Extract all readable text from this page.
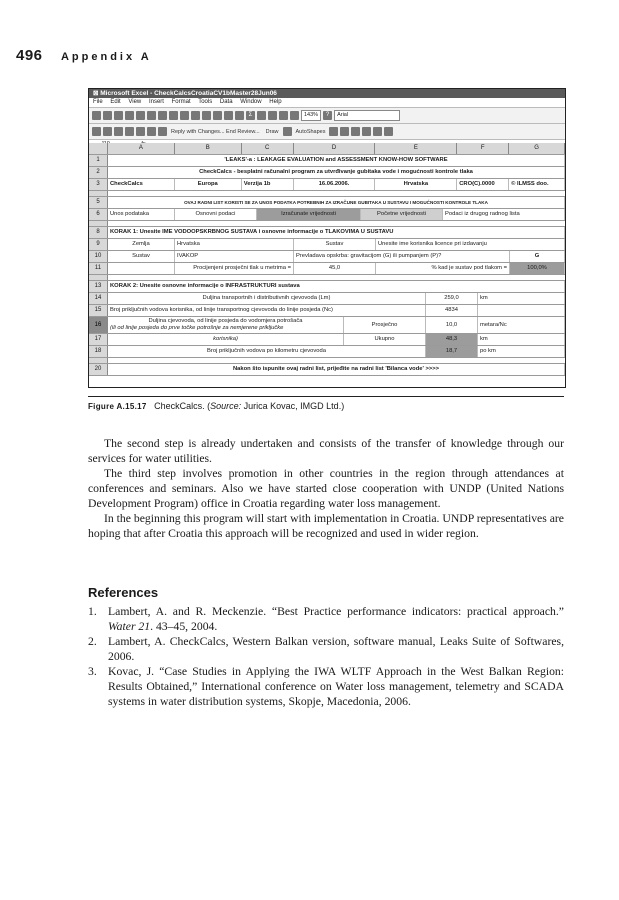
496 Appendix A
⊠ Microsoft Excel - CheckCalcsCroatiaCV1bMaster28Jun06
File Edit View Insert Format Tools Data Window Help
Σ	143%	?	Arial
Reply with Changes... End Review... Draw	AutoShapes
A	B	C	D	E	F	G
1	'LEAKS'-a : LEAKAGE EVALUATION and ASSESSMENT KNOW-HOW SOFTWARE
2	CheckCalcs - besplatni računalni program za utvrđivanje gubitaka vode i mogućnosti kontrole tlaka
3	CheckCalcs	Europa	Verzija 1b	16.06.2006.	Hrvatska	CRO(C).0000	© ILMSS doo.
5	OVAJ RADNI LIST KORISTI SE ZA UNOS PODATKA POTREBNIH ZA IZRAČUNE GUBITAKA U SUSTAVU I MOGUĆNOSTI KONTROLE TLAKA
6	Unos podataka	Osnovni podaci	Izračunate vrijednosti	Početne vrijednosti	Podaci iz drugog radnog lista
8	KORAK 1: Unesite IME VODOOPSKRBNOG SUSTAVA i osnovne informacije o TLAKOVIMA U SUSTAVU
9	Zemlja	Hrvatska	Sustav	Unesite ime korisnika licence pri izdavanju
10	Sustav	IVAKOP	Prevladava opskrba: gravitacijom (G) ili pumpanjem (P)?	G
11	Procijenjeni prosječni tlak u metrima =	45,0	% kad je sustav pod tlakom =	100,0%
13	KORAK 2: Unesite osnovne informacije o INFRASTRUKTURI sustava
14	Duljina transportnih i distributivnih cjevovoda (Lm)	259,0	km
15	Broj priključnih vodova korisnika, od linije transportnog cjevovoda do linije posjeda (Nc)	4834
16
Duljina cjevovoda, od linije posjeda do vodomjera potrošača
(ili od linije posjeda do prve točke potrošnje za nemjerene priključke	Prosječno	10,0	metara/Nc
17	korisnika)	Ukupno	48,3	km
18	Broj priključnih vodova po kilometru cjevovoda	18,7	po km
20	Nakon što ispunite ovaj radni list, prijeđite na radni list 'Bilanca vode' >>>>
Figure A.15.17 CheckCalcs. (Source: Jurica Kovac, IMGD Ltd.)

The second step is already undertaken and consists of the transfer of knowledge through our services for water utilities.

The third step involves promotion in other countries in the region through attendances at conferences and seminars. Also we have started close cooperation with UNDP (United Nations Development Program) office in Croatia regarding water loss management.

In the beginning this program will start with implementation in Croatia. UNDP representatives are hoping that after Croatia this approach will be recognized and used in wider region.

References
1. Lambert, A. and R. Meckenzie. “Best Practice performance indicators: practical approach.” Water 21. 43–45, 2004.
2. Lambert, A. CheckCalcs, Western Balkan version, software manual, Leaks Suite of Softwares, 2006.
3. Kovac, J. “Case Studies in Applying the IWA WLTF Approach in the West Balkan Region: Results Obtained,” International conference on Water loss management, telemetry and SCADA systems in water distribution systems, Skopje, Macedonia, 2006.
